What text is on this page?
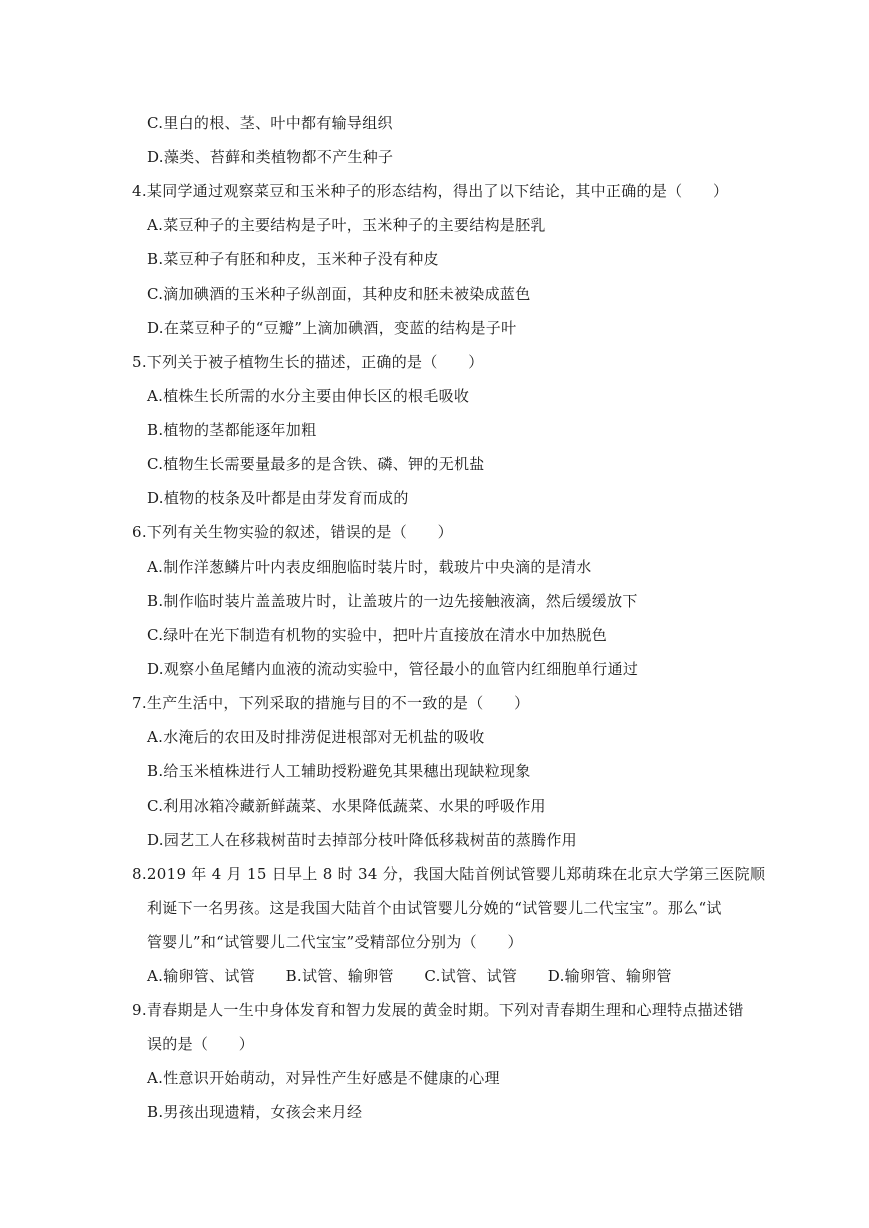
C.里白的根、茎、叶中都有输导组织
D.藻类、苔藓和类植物都不产生种子
4.某同学通过观察菜豆和玉米种子的形态结构，得出了以下结论，其中正确的是（　　）
A.菜豆种子的主要结构是子叶，玉米种子的主要结构是胚乳
B.菜豆种子有胚和种皮，玉米种子没有种皮
C.滴加碘酒的玉米种子纵剖面，其种皮和胚未被染成蓝色
D.在菜豆种子的“豆瓣”上滴加碘酒，变蓝的结构是子叶
5.下列关于被子植物生长的描述，正确的是（　　）
A.植株生长所需的水分主要由伸长区的根毛吸收
B.植物的茎都能逐年加粗
C.植物生长需要量最多的是含铁、磷、钾的无机盐
D.植物的枝条及叶都是由芽发育而成的
6.下列有关生物实验的叙述，错误的是（　　）
A.制作洋葱鳞片叶内表皮细胞临时装片时，载玻片中央滴的是清水
B.制作临时装片盖盖玻片时，让盖玻片的一边先接触液滴，然后缓缓放下
C.绿叶在光下制造有机物的实验中，把叶片直接放在清水中加热脱色
D.观察小鱼尾鳍内血液的流动实验中，管径最小的血管内红细胞单行通过
7.生产生活中，下列采取的措施与目的不一致的是（　　）
A.水淹后的农田及时排涝促进根部对无机盐的吸收
B.给玉米植株进行人工辅助授粉避免其果穗出现缺粒现象
C.利用冰箱冷藏新鲜蔬菜、水果降低蔬菜、水果的呼吸作用
D.园艺工人在移栽树苗时去掉部分枝叶降低移栽树苗的蒸腾作用
8.2019 年 4 月 15 日早上 8 时 34 分，我国大陆首例试管婴儿郑萌珠在北京大学第三医院顺
利诞下一名男孩。这是我国大陆首个由试管婴儿分娩的“试管婴儿二代宝宝”。那么“试
管婴儿”和“试管婴儿二代宝宝”受精部位分别为（　　）
A.输卵管、试管　　B.试管、输卵管　　C.试管、试管　　D.输卵管、输卵管
9.青春期是人一生中身体发育和智力发展的黄金时期。下列对青春期生理和心理特点描述错
误的是（　　）
A.性意识开始萌动，对异性产生好感是不健康的心理
B.男孩出现遗精，女孩会来月经
